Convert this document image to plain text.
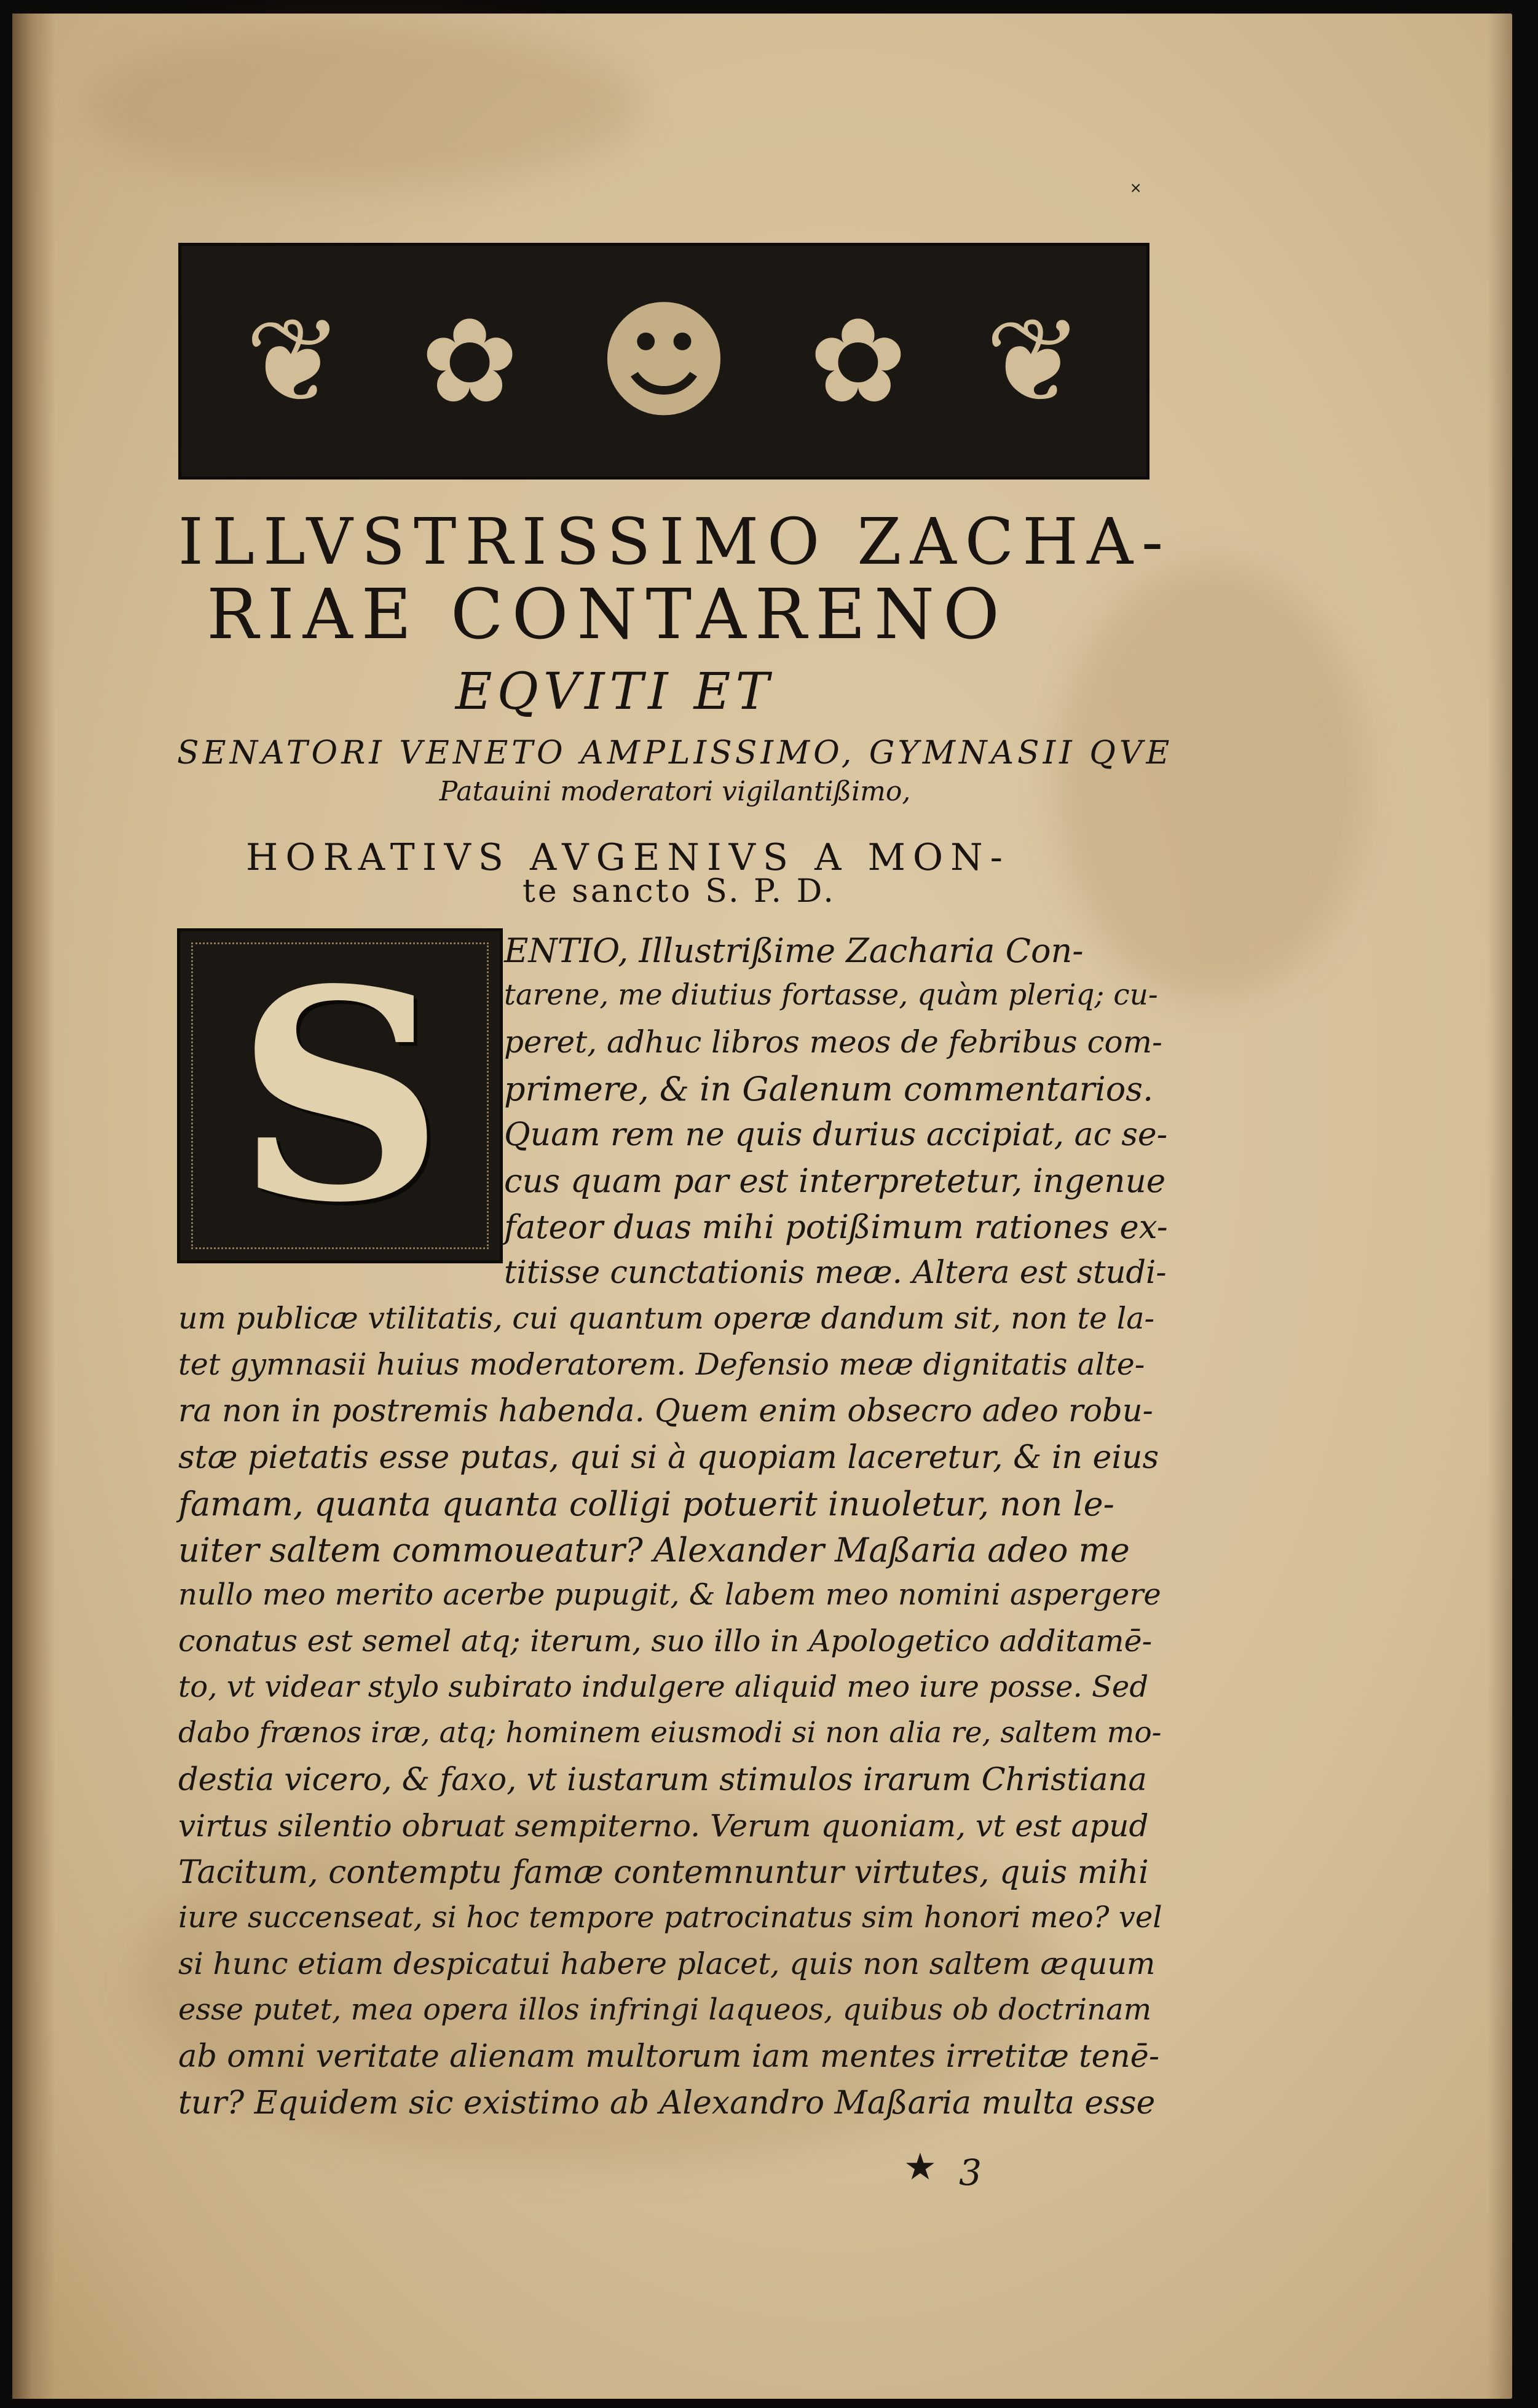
˟
❦ ✿ ☻ ✿ ❦
ILLVSTRISSIMO ZACHA-
RIAE CONTARENO
EQVITI ET
SENATORI VENETO AMPLISSIMO, GYMNASII QVE
Patauini moderatori vigilantißimo,
HORATIVS AVGENIVS A MON-
te sancto S. P. D.
S ENTIO, Illustrißime Zacharia Con-
tarene, me diutius fortasse, quàm pleriq; cu-
peret, adhuc libros meos de febribus com-
primere, & in Galenum commentarios.
Quam rem ne quis durius accipiat, ac se-
cus quam par est interpretetur, ingenue
fateor duas mihi potißimum rationes ex-
titisse cunctationis meæ. Altera est studi-
um publicæ vtilitatis, cui quantum operæ dandum sit, non te la-
tet gymnasii huius moderatorem. Defensio meæ dignitatis alte-
ra non in postremis habenda. Quem enim obsecro adeo robu-
stæ pietatis esse putas, qui si à quopiam laceretur, & in eius
famam, quanta quanta colligi potuerit inuoletur, non le-
uiter saltem commoueatur? Alexander Maßaria adeo me
nullo meo merito acerbe pupugit, & labem meo nomini aspergere
conatus est semel atq; iterum, suo illo in Apologetico additamē-
to, vt videar stylo subirato indulgere aliquid meo iure posse. Sed
dabo frænos iræ, atq; hominem eiusmodi si non alia re, saltem mo-
destia vicero, & faxo, vt iustarum stimulos irarum Christiana
virtus silentio obruat sempiterno. Verum quoniam, vt est apud
Tacitum, contemptu famæ contemnuntur virtutes, quis mihi
iure succenseat, si hoc tempore patrocinatus sim honori meo? vel
si hunc etiam despicatui habere placet, quis non saltem æquum
esse putet, mea opera illos infringi laqueos, quibus ob doctrinam
ab omni veritate alienam multorum iam mentes irretitæ tenē-
tur? Equidem sic existimo ab Alexandro Maßaria multa esse
★ 3
